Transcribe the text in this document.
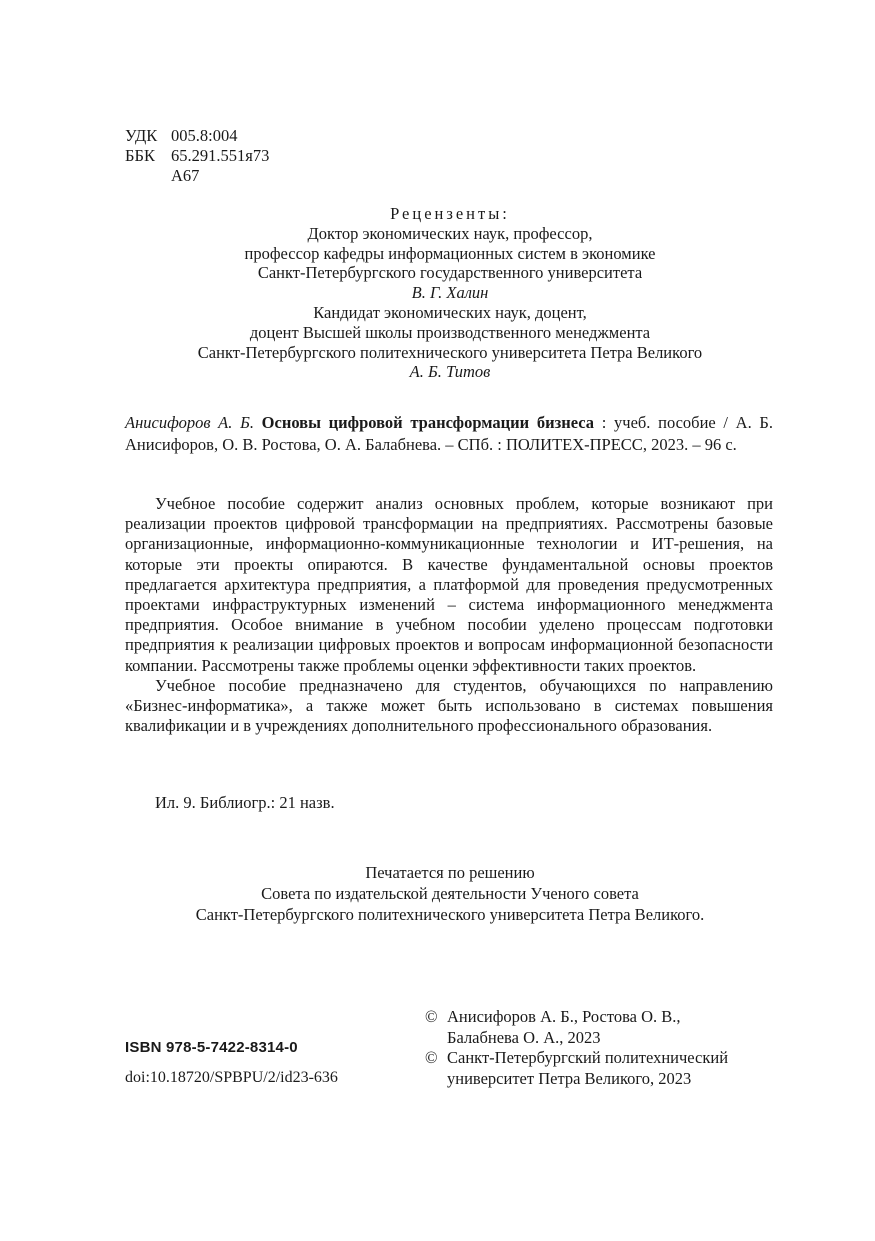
УДК 005.8:004
ББК 65.291.551я73
А67
Рецензенты:
Доктор экономических наук, профессор,
профессор кафедры информационных систем в экономике
Санкт-Петербургского государственного университета
В. Г. Халин
Кандидат экономических наук, доцент,
доцент Высшей школы производственного менеджмента
Санкт-Петербургского политехнического университета Петра Великого
А. Б. Титов
Анисифоров А. Б. Основы цифровой трансформации бизнеса : учеб. пособие / А. Б. Анисифоров, О. В. Ростова, О. А. Балабнева. – СПб. : ПОЛИТЕХ-ПРЕСС, 2023. – 96 с.

Учебное пособие содержит анализ основных проблем, которые возникают при реализации проектов цифровой трансформации на предприятиях. Рассмотрены базовые организационные, информационно-коммуникационные технологии и ИТ-решения, на которые эти проекты опираются. В качестве фундаментальной основы проектов предлагается архитектура предприятия, а платформой для проведения предусмотренных проектами инфраструктурных изменений – система информационного менеджмента предприятия. Особое внимание в учебном пособии уделено процессам подготовки предприятия к реализации цифровых проектов и вопросам информационной безопасности компании. Рассмотрены также проблемы оценки эффективности таких проектов.

Учебное пособие предназначено для студентов, обучающихся по направлению «Бизнес-информатика», а также может быть использовано в системах повышения квалификации и в учреждениях дополнительного профессионального образования.

Ил. 9. Библиогр.: 21 назв.
Печатается по решению
Совета по издательской деятельности Ученого совета
Санкт-Петербургского политехнического университета Петра Великого.
ISBN 978-5-7422-8314-0
doi:10.18720/SPBPU/2/id23-636
© Анисифоров А. Б., Ростова О. В.,
Балабнева О. А., 2023
© Санкт-Петербургский политехнический
университет Петра Великого, 2023
